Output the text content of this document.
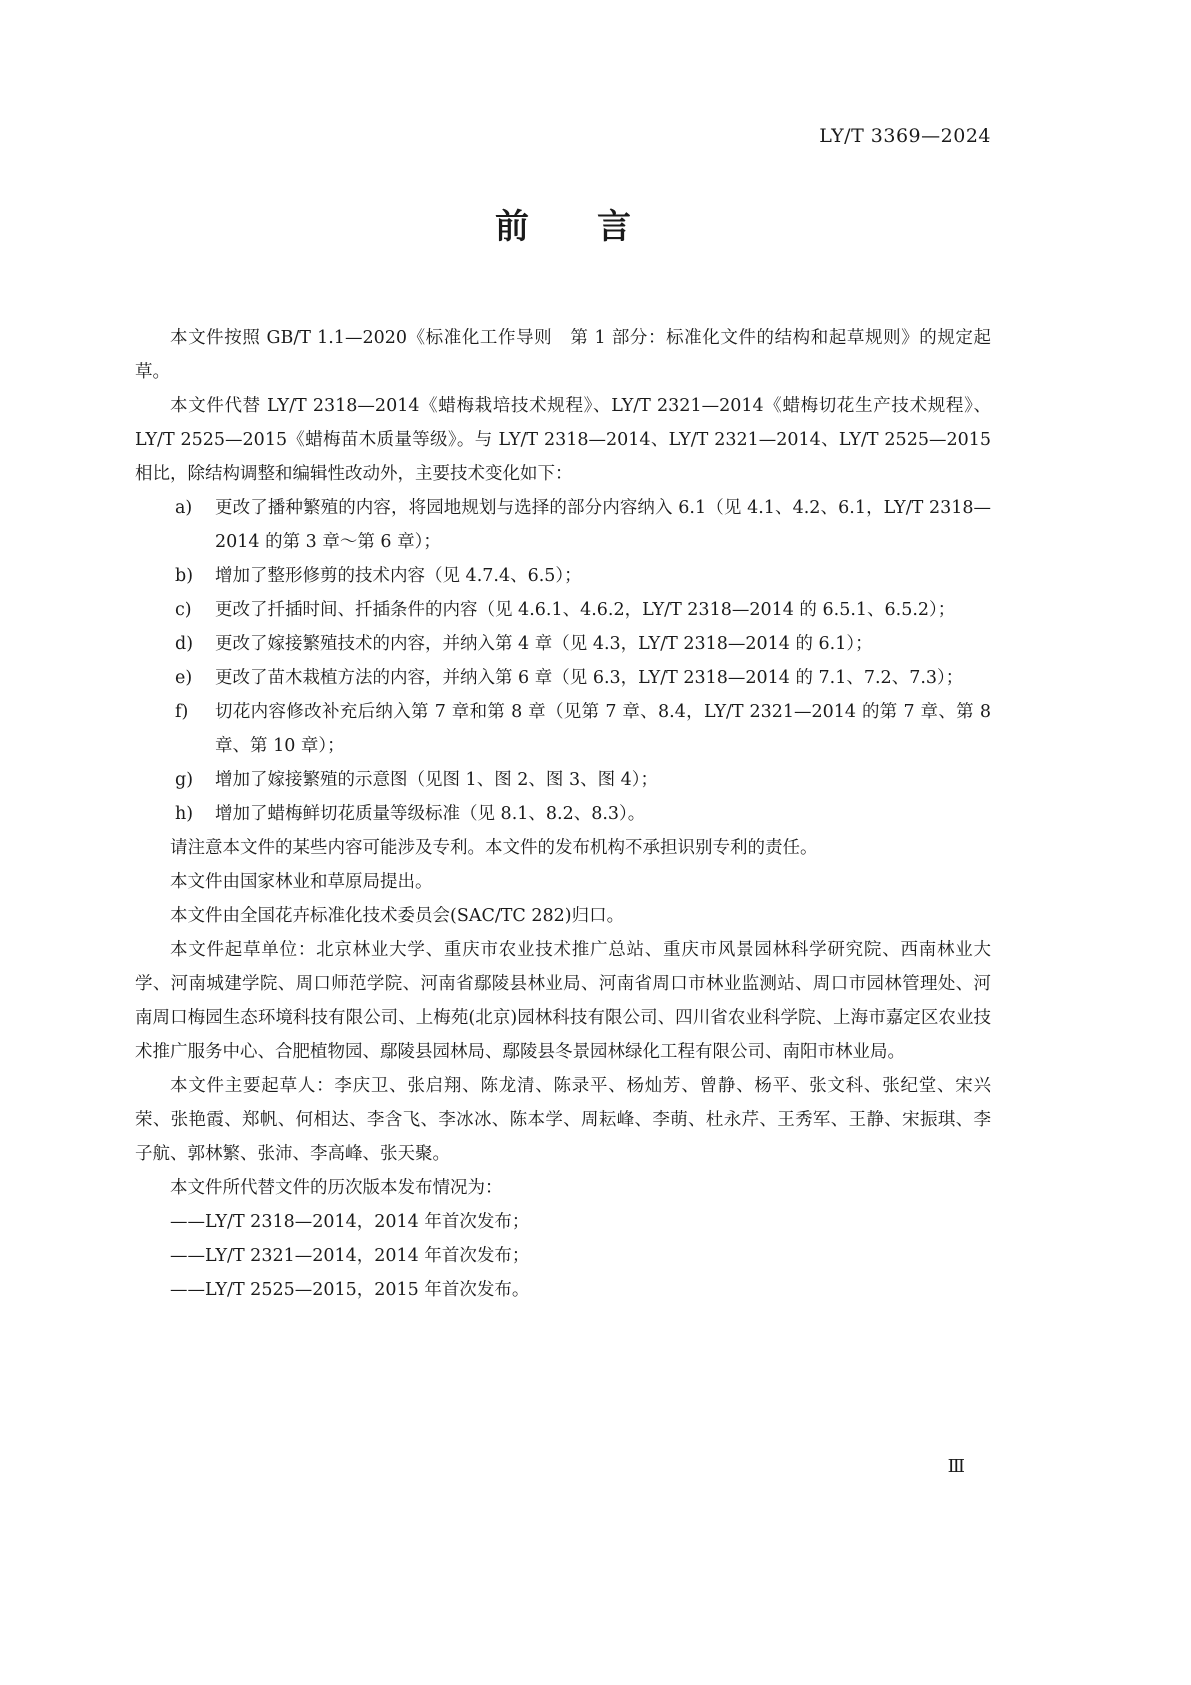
LY/T 3369—2024
前　　言

本文件按照 GB/T 1.1—2020《标准化工作导则　第 1 部分：标准化文件的结构和起草规则》的规定起草。

本文件代替 LY/T 2318—2014《蜡梅栽培技术规程》、LY/T 2321—2014《蜡梅切花生产技术规程》、LY/T 2525—2015《蜡梅苗木质量等级》。与 LY/T 2318—2014、LY/T 2321—2014、LY/T 2525—2015 相比，除结构调整和编辑性改动外，主要技术变化如下：

a) 更改了播种繁殖的内容，将园地规划与选择的部分内容纳入 6.1（见 4.1、4.2、6.1，LY/T 2318—2014 的第 3 章～第 6 章）；
b) 增加了整形修剪的技术内容（见 4.7.4、6.5）；
c) 更改了扦插时间、扦插条件的内容（见 4.6.1、4.6.2，LY/T 2318—2014 的 6.5.1、6.5.2）；
d) 更改了嫁接繁殖技术的内容，并纳入第 4 章（见 4.3，LY/T 2318—2014 的 6.1）；
e) 更改了苗木栽植方法的内容，并纳入第 6 章（见 6.3，LY/T 2318—2014 的 7.1、7.2、7.3）；
f) 切花内容修改补充后纳入第 7 章和第 8 章（见第 7 章、8.4，LY/T 2321—2014 的第 7 章、第 8 章、第 10 章）；
g) 增加了嫁接繁殖的示意图（见图 1、图 2、图 3、图 4）；
h) 增加了蜡梅鲜切花质量等级标准（见 8.1、8.2、8.3）。

请注意本文件的某些内容可能涉及专利。本文件的发布机构不承担识别专利的责任。

本文件由国家林业和草原局提出。

本文件由全国花卉标准化技术委员会(SAC/TC 282)归口。

本文件起草单位：北京林业大学、重庆市农业技术推广总站、重庆市风景园林科学研究院、西南林业大学、河南城建学院、周口师范学院、河南省鄢陵县林业局、河南省周口市林业监测站、周口市园林管理处、河南周口梅园生态环境科技有限公司、上梅苑(北京)园林科技有限公司、四川省农业科学院、上海市嘉定区农业技术推广服务中心、合肥植物园、鄢陵县园林局、鄢陵县冬景园林绿化工程有限公司、南阳市林业局。

本文件主要起草人：李庆卫、张启翔、陈龙清、陈录平、杨灿芳、曾静、杨平、张文科、张纪堂、宋兴荣、张艳霞、郑帆、何相达、李含飞、李冰冰、陈本学、周耘峰、李萌、杜永芹、王秀军、王静、宋振琪、李子航、郭林繁、张沛、李高峰、张天聚。

本文件所代替文件的历次版本发布情况为：

——LY/T 2318—2014，2014 年首次发布；

——LY/T 2321—2014，2014 年首次发布；

——LY/T 2525—2015，2015 年首次发布。

Ⅲ
